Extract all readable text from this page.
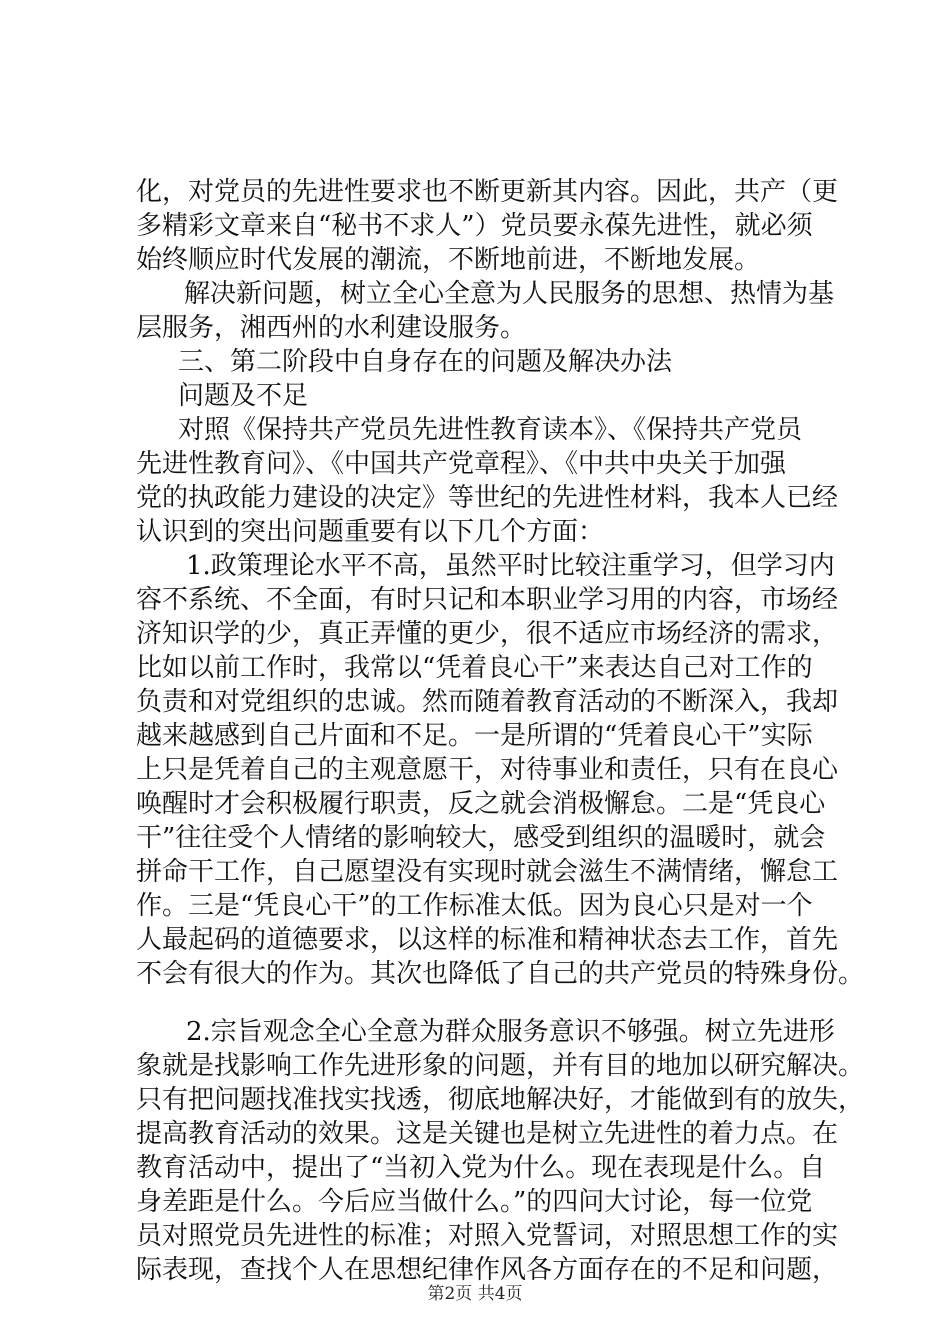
化，对党员的先进性要求也不断更新其内容。因此，共产（更
多精彩文章来自“秘书不求人”）党员要永葆先进性，就必须
始终顺应时代发展的潮流，不断地前进，不断地发展。
解决新问题，树立全心全意为人民服务的思想、热情为基
层服务，湘西州的水利建设服务。
三、第二阶段中自身存在的问题及解决办法
问题及不足
对照《保持共产党员先进性教育读本》、《保持共产党员
先进性教育问》、《中国共产党章程》、《中共中央关于加强
党的执政能力建设的决定》等世纪的先进性材料，我本人已经
认识到的突出问题重要有以下几个方面：
1.政策理论水平不高，虽然平时比较注重学习，但学习内
容不系统、不全面，有时只记和本职业学习用的内容，市场经
济知识学的少，真正弄懂的更少，很不适应市场经济的需求，
比如以前工作时，我常以“凭着良心干”来表达自己对工作的
负责和对党组织的忠诚。然而随着教育活动的不断深入，我却
越来越感到自己片面和不足。一是所谓的“凭着良心干”实际
上只是凭着自己的主观意愿干，对待事业和责任，只有在良心
唤醒时才会积极履行职责，反之就会消极懈怠。二是“凭良心
干”往往受个人情绪的影响较大，感受到组织的温暖时，就会
拼命干工作，自己愿望没有实现时就会滋生不满情绪，懈怠工
作。三是“凭良心干”的工作标准太低。因为良心只是对一个
人最起码的道德要求，以这样的标准和精神状态去工作，首先
不会有很大的作为。其次也降低了自己的共产党员的特殊身份。
2.宗旨观念全心全意为群众服务意识不够强。树立先进形
象就是找影响工作先进形象的问题，并有目的地加以研究解决。
只有把问题找准找实找透，彻底地解决好，才能做到有的放失，
提高教育活动的效果。这是关键也是树立先进性的着力点。在
教育活动中，提出了“当初入党为什么。现在表现是什么。自
身差距是什么。今后应当做什么。”的四问大讨论，每一位党
员对照党员先进性的标准；对照入党誓词，对照思想工作的实
际表现，查找个人在思想纪律作风各方面存在的不足和问题，
第2页 共4页
